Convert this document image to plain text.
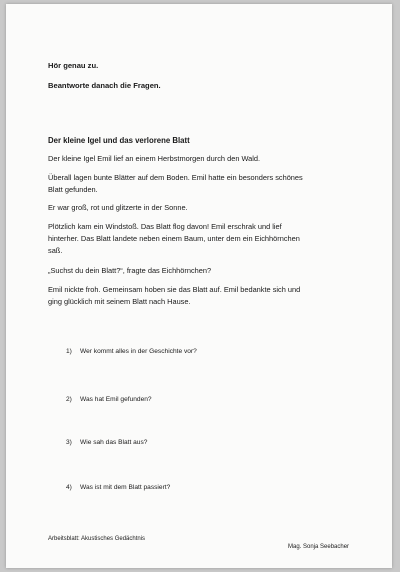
Hör genau zu.

Beantworte danach die Fragen.

Der kleine Igel und das verlorene Blatt

Der kleine Igel Emil lief an einem Herbstmorgen durch den Wald.
Überall lagen bunte Blätter auf dem Boden. Emil hatte ein besonders schönes
Blatt gefunden.
Er war groß, rot und glitzerte in der Sonne.
Plötzlich kam ein Windstoß. Das Blatt flog davon! Emil erschrak und lief
hinterher. Das Blatt landete neben einem Baum, unter dem ein Eichhörnchen
saß.
„Suchst du dein Blatt?“, fragte das Eichhörnchen?
Emil nickte froh. Gemeinsam hoben sie das Blatt auf. Emil bedankte sich und
ging glücklich mit seinem Blatt nach Hause.
1) Wer kommt alles in der Geschichte vor?
2) Was hat Emil gefunden?
3) Wie sah das Blatt aus?
4) Was ist mit dem Blatt passiert?

Arbeitsblatt: Akustisches Gedächtnis

Mag. Sonja Seebacher
